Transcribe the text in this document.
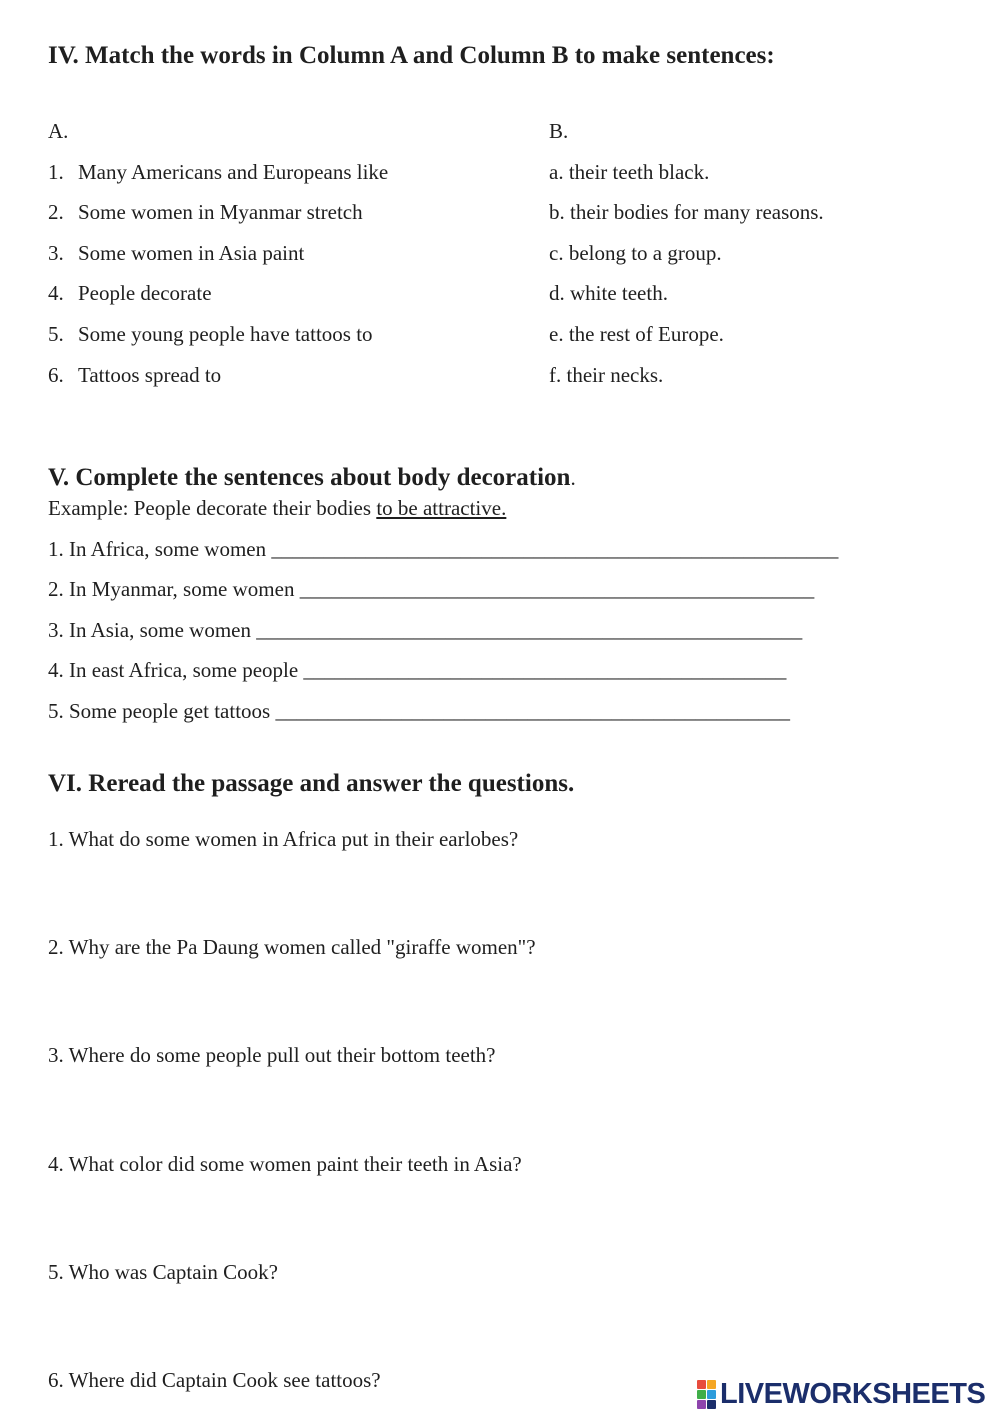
IV. Match the words in Column A and Column B to make sentences:
A.	B.
1. Many Americans and Europeans like
2. Some women in Myanmar stretch
3. Some women in Asia paint
4. People decorate
5. Some young people have tattoos to
6. Tattoos spread to
a. their teeth black.
b. their bodies for many reasons.
c. belong to a group.
d. white teeth.
e. the rest of Europe.
f. their necks.
V. Complete the sentences about body decoration.
Example: People decorate their bodies to be attractive.
1. In Africa, some women ______________________________________________________
2. In Myanmar, some women _________________________________________________
3. In Asia, some women ____________________________________________________
4. In east Africa, some people ______________________________________________
5. Some people get tattoos _________________________________________________
VI. Reread the passage and answer the questions.
1. What do some women in Africa put in their earlobes?
2. Why are the Pa Daung women called "giraffe women"?
3. Where do some people pull out their bottom teeth?
4. What color did some women paint their teeth in Asia?
5. Who was Captain Cook?
6. Where did Captain Cook see tattoos?	LIVEWORKSHEETS
